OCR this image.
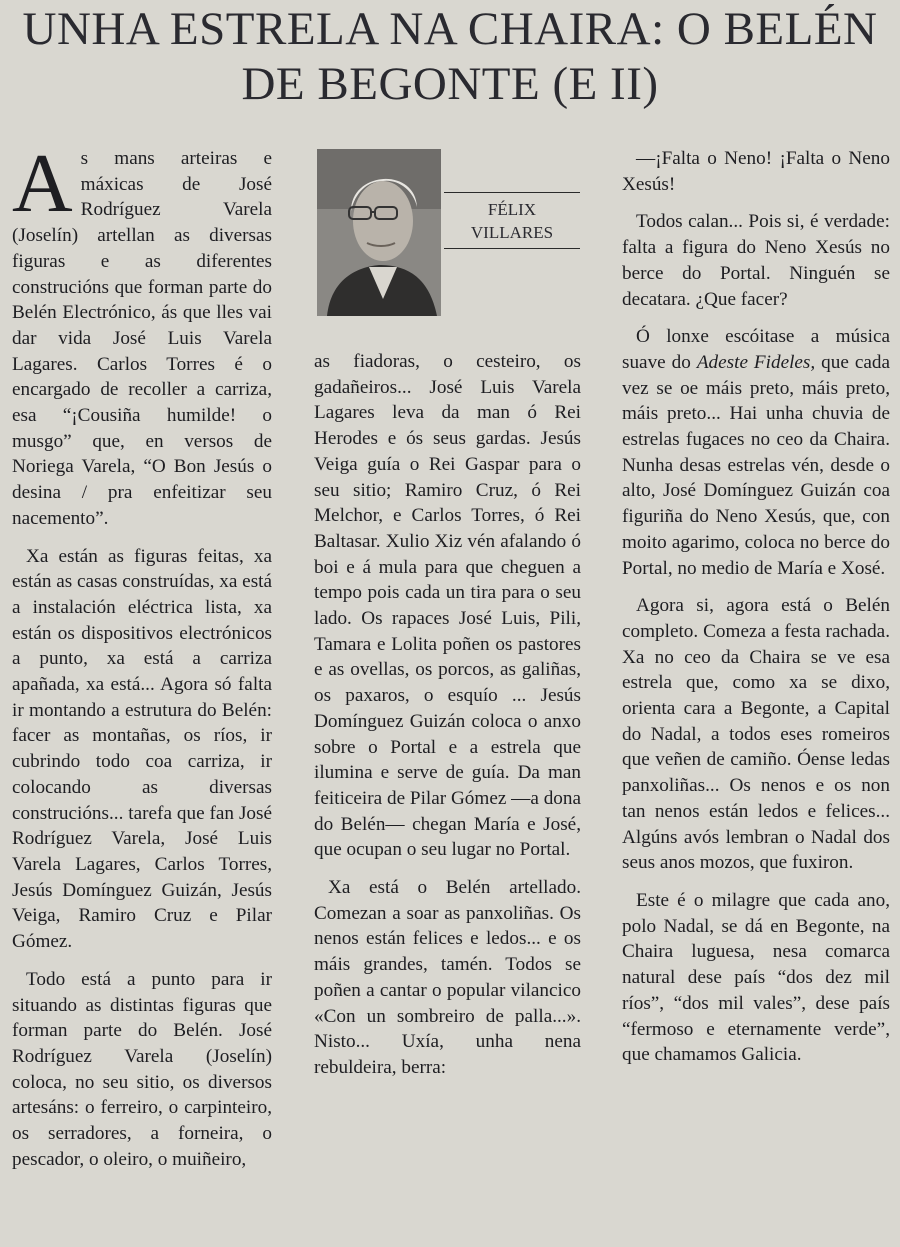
UNHA ESTRELA NA CHAIRA: O BELÉN
DE BEGONTE (E II)

As mans arteiras e máxicas de José Rodríguez Varela (Joselín) artellan as diversas figuras e as diferentes construcións que forman parte do Belén Electrónico, ás que lles vai dar vida José Luis Varela Lagares. Carlos Torres é o encargado de recoller a carriza, esa “¡Cousiña humilde! o musgo” que, en versos de Noriega Varela, “O Bon Jesús o desina / pra enfeitizar seu nacemento”.

Xa están as figuras feitas, xa están as casas construídas, xa está a instalación eléctrica lista, xa están os dispositivos electrónicos a punto, xa está a carriza apañada, xa está... Agora só falta ir montando a estrutura do Belén: facer as montañas, os ríos, ir cubrindo todo coa carriza, ir colocando as diversas construcións... tarefa que fan José Rodríguez Varela, José Luis Varela Lagares, Carlos Torres, Jesús Domínguez Guizán, Jesús Veiga, Ramiro Cruz e Pilar Gómez.

Todo está a punto para ir situando as distintas figuras que forman parte do Belén. José Rodríguez Varela (Joselín) coloca, no seu sitio, os diversos artesáns: o ferreiro, o carpinteiro, os serradores, a forneira, o pescador, o oleiro, o muiñeiro,

FÉLIX
VILLARES

as fiadoras, o cesteiro, os gadañeiros... José Luis Varela Lagares leva da man ó Rei Herodes e ós seus gardas. Jesús Veiga guía o Rei Gaspar para o seu sitio; Ramiro Cruz, ó Rei Melchor, e Carlos Torres, ó Rei Baltasar. Xulio Xiz vén afalando ó boi e á mula para que cheguen a tempo pois cada un tira para o seu lado. Os rapaces José Luis, Pili, Tamara e Lolita poñen os pastores e as ovellas, os porcos, as galiñas, os paxaros, o esquío ... Jesús Domínguez Guizán coloca o anxo sobre o Portal e a estrela que ilumina e serve de guía. Da man feiticeira de Pilar Gómez —a dona do Belén— chegan María e José, que ocupan o seu lugar no Portal.

Xa está o Belén artellado. Comezan a soar as panxoliñas. Os nenos están felices e ledos... e os máis grandes, tamén. Todos se poñen a cantar o popular vilancico «Con un sombreiro de palla...». Nisto... Uxía, unha nena rebuldeira, berra:

—¡Falta o Neno! ¡Falta o Neno Xesús!

Todos calan... Pois si, é verdade: falta a figura do Neno Xesús no berce do Portal. Ninguén se decatara. ¿Que facer?

Ó lonxe escóitase a música suave do Adeste Fideles, que cada vez se oe máis preto, máis preto, máis preto... Hai unha chuvia de estrelas fugaces no ceo da Chaira. Nunha desas estrelas vén, desde o alto, José Domínguez Guizán coa figuriña do Neno Xesús, que, con moito agarimo, coloca no berce do Portal, no medio de María e Xosé.

Agora si, agora está o Belén completo. Comeza a festa rachada. Xa no ceo da Chaira se ve esa estrela que, como xa se dixo, orienta cara a Begonte, a Capital do Nadal, a todos eses romeiros que veñen de camiño. Óense ledas panxoliñas... Os nenos e os non tan nenos están ledos e felices... Algúns avós lembran o Nadal dos seus anos mozos, que fuxiron.

Este é o milagre que cada ano, polo Nadal, se dá en Begonte, na Chaira luguesa, nesa comarca natural dese país “dos dez mil ríos”, “dos mil vales”, dese país “fermoso e eternamente verde”, que chamamos Galicia.
